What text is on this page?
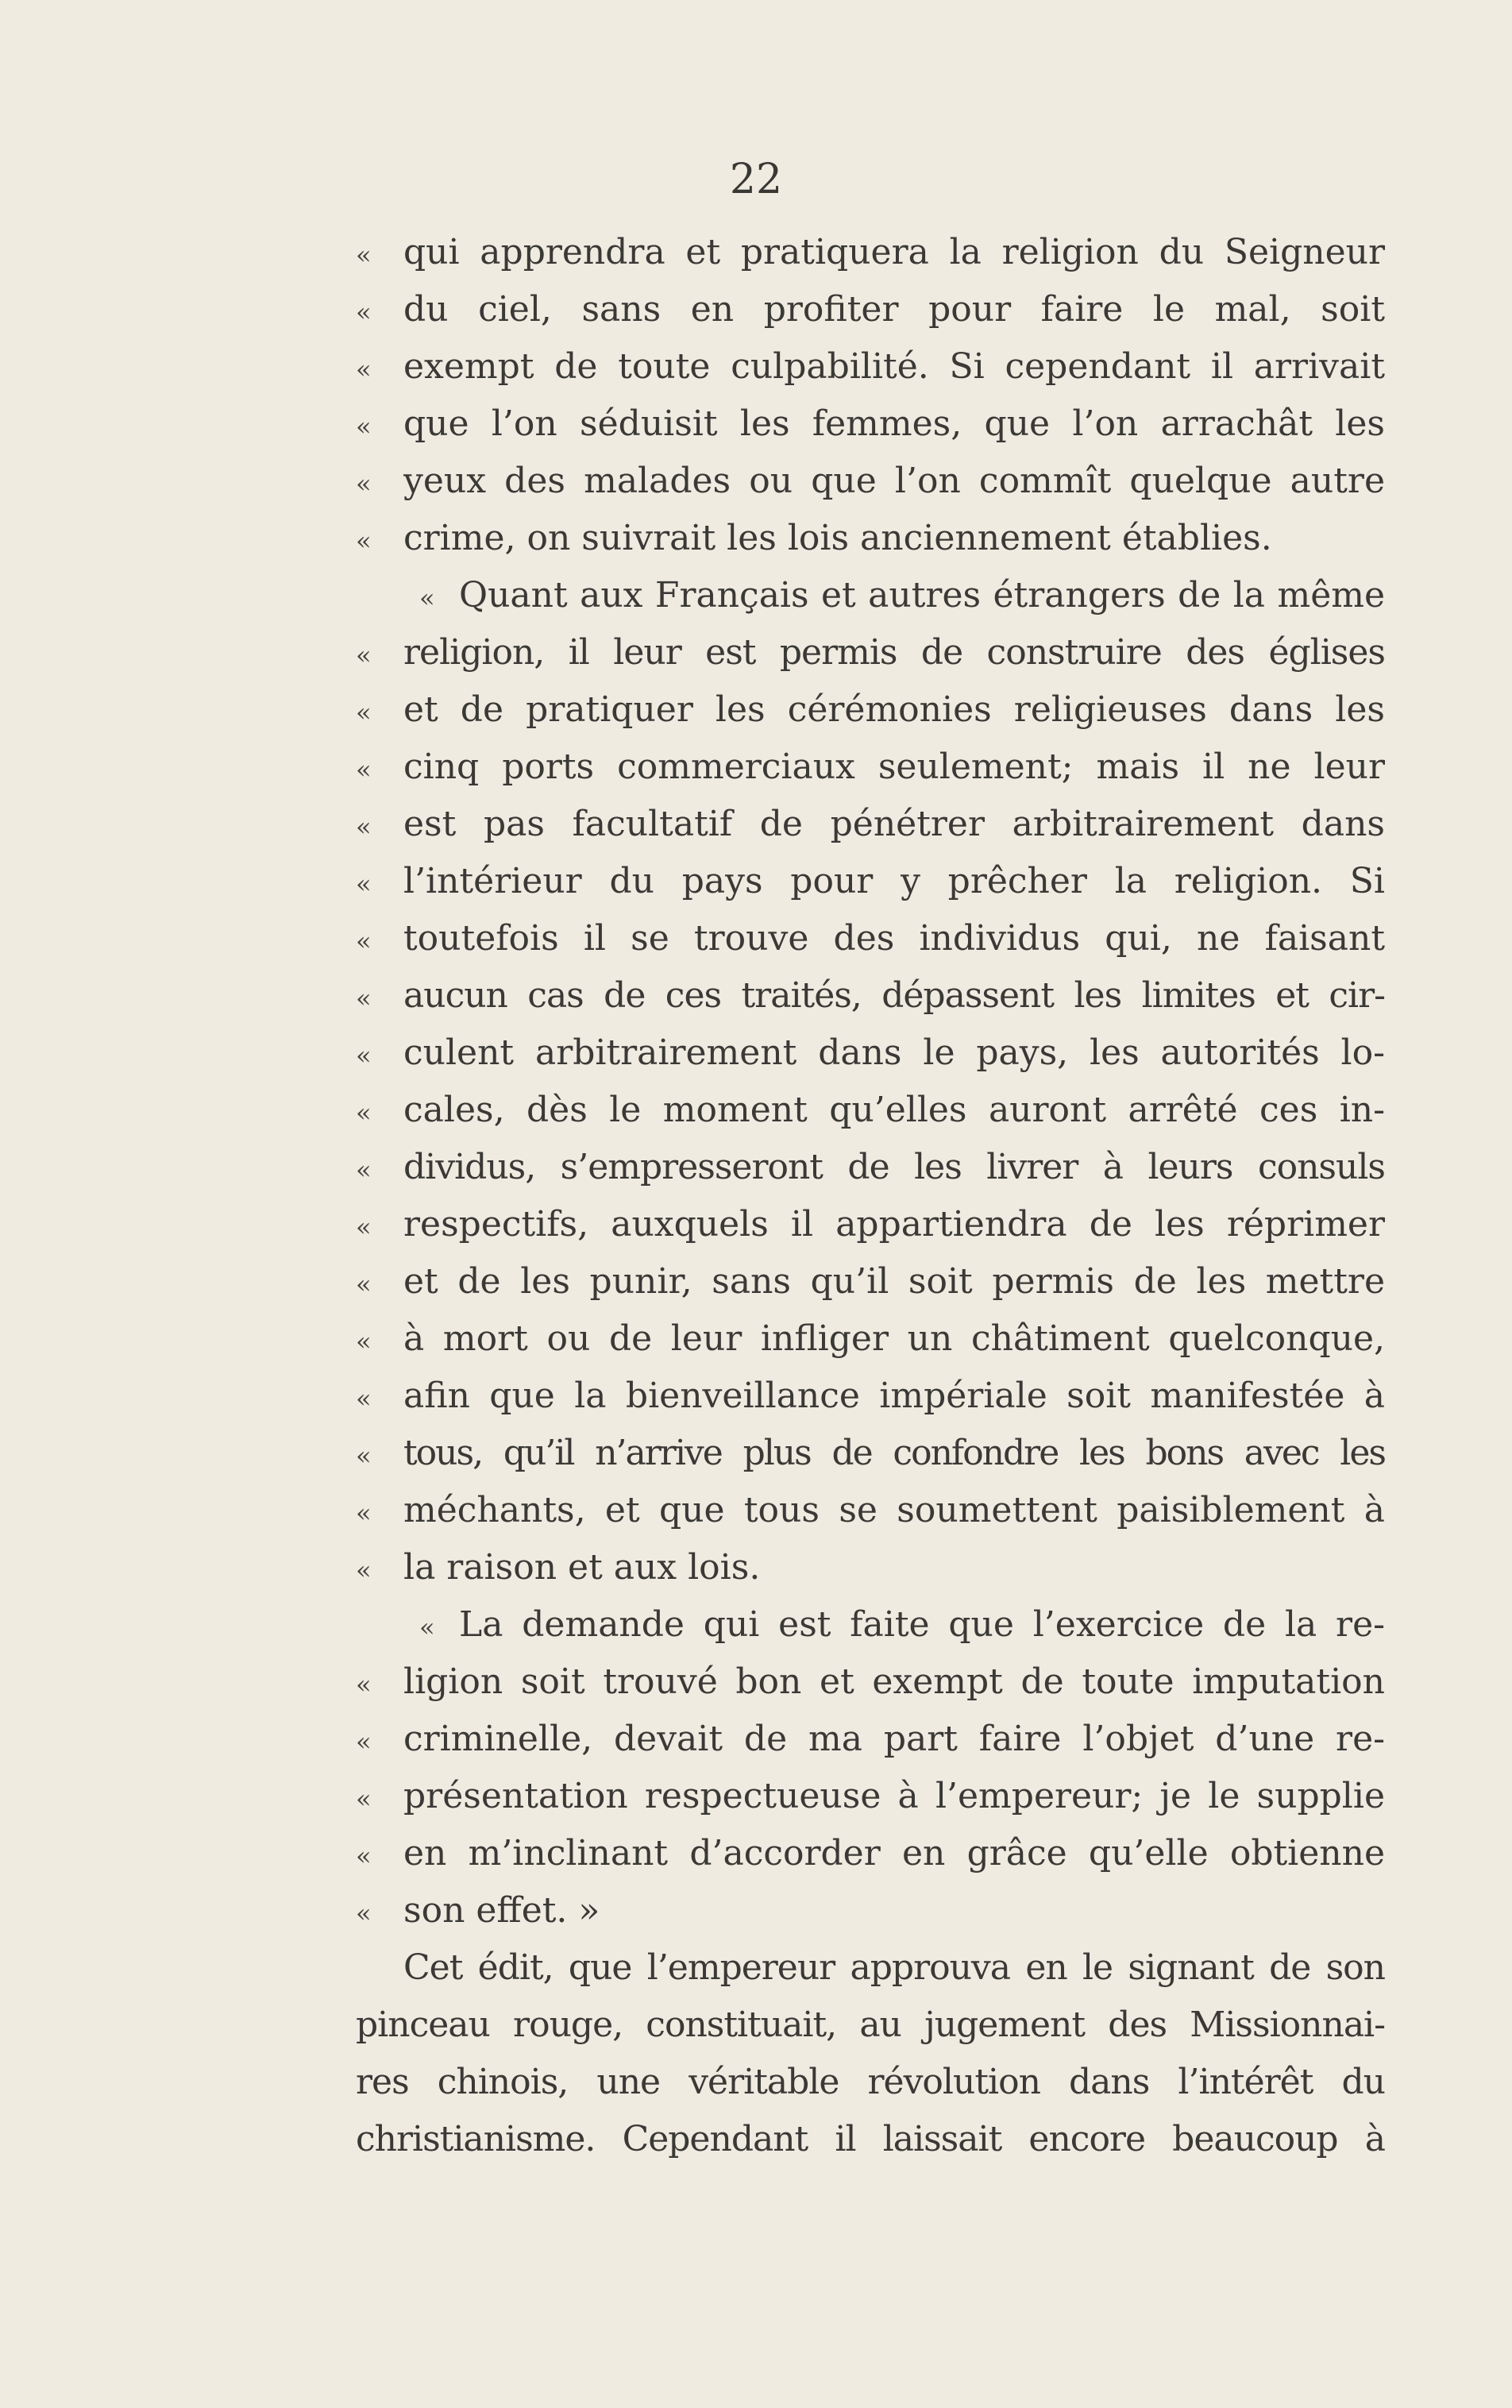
22
« qui apprendra et pratiquera la religion du Seigneur
« du ciel, sans en profiter pour faire le mal, soit
« exempt de toute culpabilité. Si cependant il arrivait
« que l’on séduisit les femmes, que l’on arrachât les
« yeux des malades ou que l’on commît quelque autre
« crime, on suivrait les lois anciennement établies.
« Quant aux Français et autres étrangers de la même
« religion, il leur est permis de construire des églises
« et de pratiquer les cérémonies religieuses dans les
« cinq ports commerciaux seulement; mais il ne leur
« est pas facultatif de pénétrer arbitrairement dans
« l’intérieur du pays pour y prêcher la religion. Si
« toutefois il se trouve des individus qui, ne faisant
« aucun cas de ces traités, dépassent les limites et cir-
« culent arbitrairement dans le pays, les autorités lo-
« cales, dès le moment qu’elles auront arrêté ces in-
« dividus, s’empresseront de les livrer à leurs consuls
« respectifs, auxquels il appartiendra de les réprimer
« et de les punir, sans qu’il soit permis de les mettre
« à mort ou de leur infliger un châtiment quelconque,
« afin que la bienveillance impériale soit manifestée à
« tous, qu’il n’arrive plus de confondre les bons avec les
« méchants, et que tous se soumettent paisiblement à
« la raison et aux lois.
« La demande qui est faite que l’exercice de la re-
« ligion soit trouvé bon et exempt de toute imputation
« criminelle, devait de ma part faire l’objet d’une re-
« présentation respectueuse à l’empereur; je le supplie
« en m’inclinant d’accorder en grâce qu’elle obtienne
« son effet. »
Cet édit, que l’empereur approuva en le signant de son
pinceau rouge, constituait, au jugement des Missionnai-
res chinois, une véritable révolution dans l’intérêt du
christianisme. Cependant il laissait encore beaucoup à
